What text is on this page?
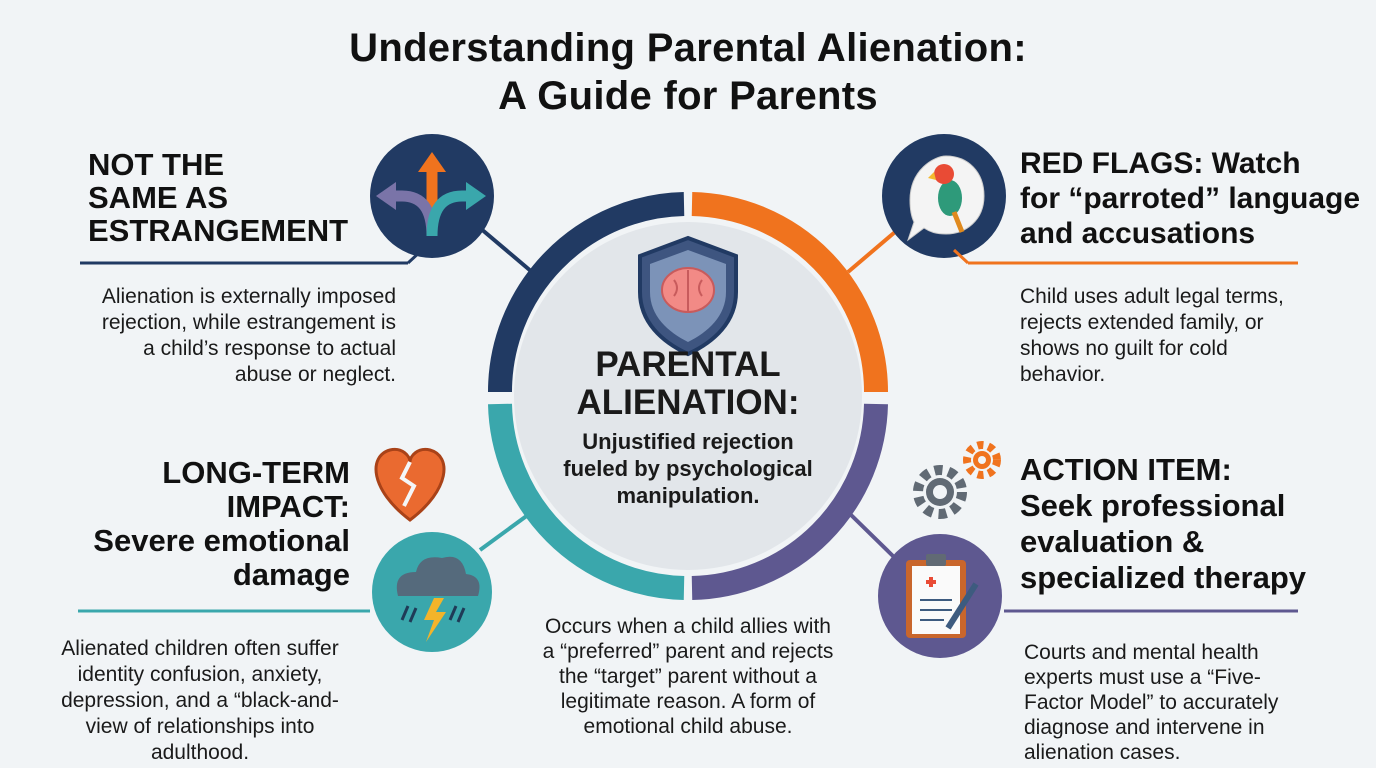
Understanding Parental Alienation:
A Guide for Parents
PARENTAL
ALIENATION:
Unjustified rejection
fueled by psychological
manipulation.
NOT THE
SAME AS
ESTRANGEMENT
Alienation is externally imposed
rejection, while estrangement is
a child’s response to actual
abuse or neglect.
RED FLAGS: Watch
for “parroted” language
and accusations
Child uses adult legal terms,
rejects extended family, or
shows no guilt for cold
behavior.
LONG-TERM
IMPACT:
Severe emotional
damage
Alienated children often suffer
identity confusion, anxiety,
depression, and a “black-and-
view of relationships into
adulthood.
ACTION ITEM:
Seek professional
evaluation &
specialized therapy
Courts and mental health
experts must use a “Five-
Factor Model” to accurately
diagnose and intervene in
alienation cases.
Occurs when a child allies with
a “preferred” parent and rejects
the “target” parent without a
legitimate reason. A form of
emotional child abuse.
